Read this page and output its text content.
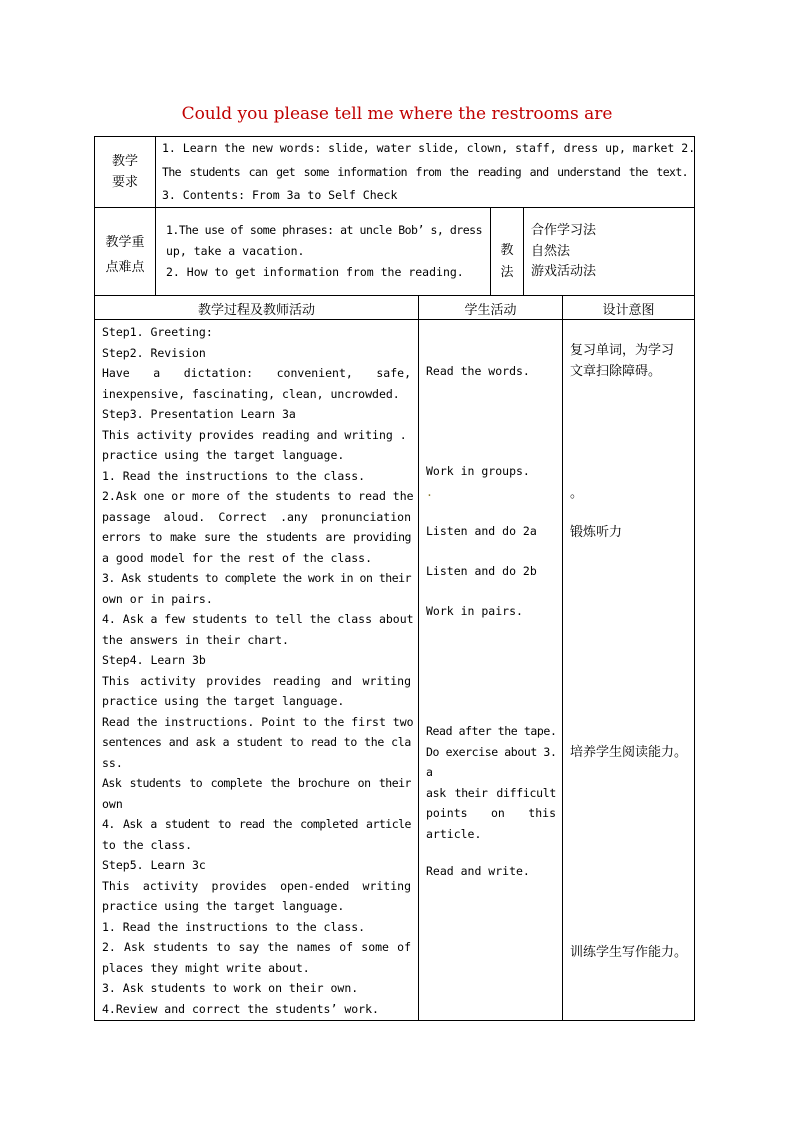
Could you please tell me where the restrooms are
教学
要求
1. Learn the new words: slide, water slide, clown, staff, dress up, market 2.
The students can get some information from the reading and understand the text.
3. Contents: From 3a to Self Check
教学重
点难点
1.The use of some phrases: at uncle Bob’ s, dress
up, take a vacation.
2. How to get information from the reading.
教
法
合作学习法
自然法
游戏活动法
教学过程及教师活动	学生活动	设计意图
Step1. Greeting:
Step2. Revision
Have a dictation: convenient, safe,
inexpensive, fascinating, clean, uncrowded.
Step3. Presentation Learn 3a
This activity provides reading and writing .
practice using the target language.
1. Read the instructions to the class.
2.Ask one or more of the students to read the
passage aloud. Correct .any pronunciation
errors to make sure the students are providing
a good model for the rest of the class.
3. Ask students to complete the work in on their
own or in pairs.
4. Ask a few students to tell the class about
the answers in their chart.
Step4. Learn 3b
This activity provides reading and writing
practice using the target language.
Read the instructions. Point to the first two
sentences and ask a student to read to the cla
ss.
Ask students to complete the brochure on their
own
4. Ask a student to read the completed article
to the class.
Step5. Learn 3c
This activity provides open-ended writing
practice using the target language.
1. Read the instructions to the class.
2. Ask students to say the names of some of
places they might write about.
3. Ask students to work on their own.
4.Review and correct the students’ work.
Read the words.
Work in groups.
.
Listen and do 2a
Listen and do 2b
Work in pairs.
Read after the tape.
Do exercise about 3.
a
ask their difficult
points on this
article.
Read and write.
复习单词，为学习
文章扫除障碍。
。
锻炼听力
培养学生阅读能力。
训练学生写作能力。
